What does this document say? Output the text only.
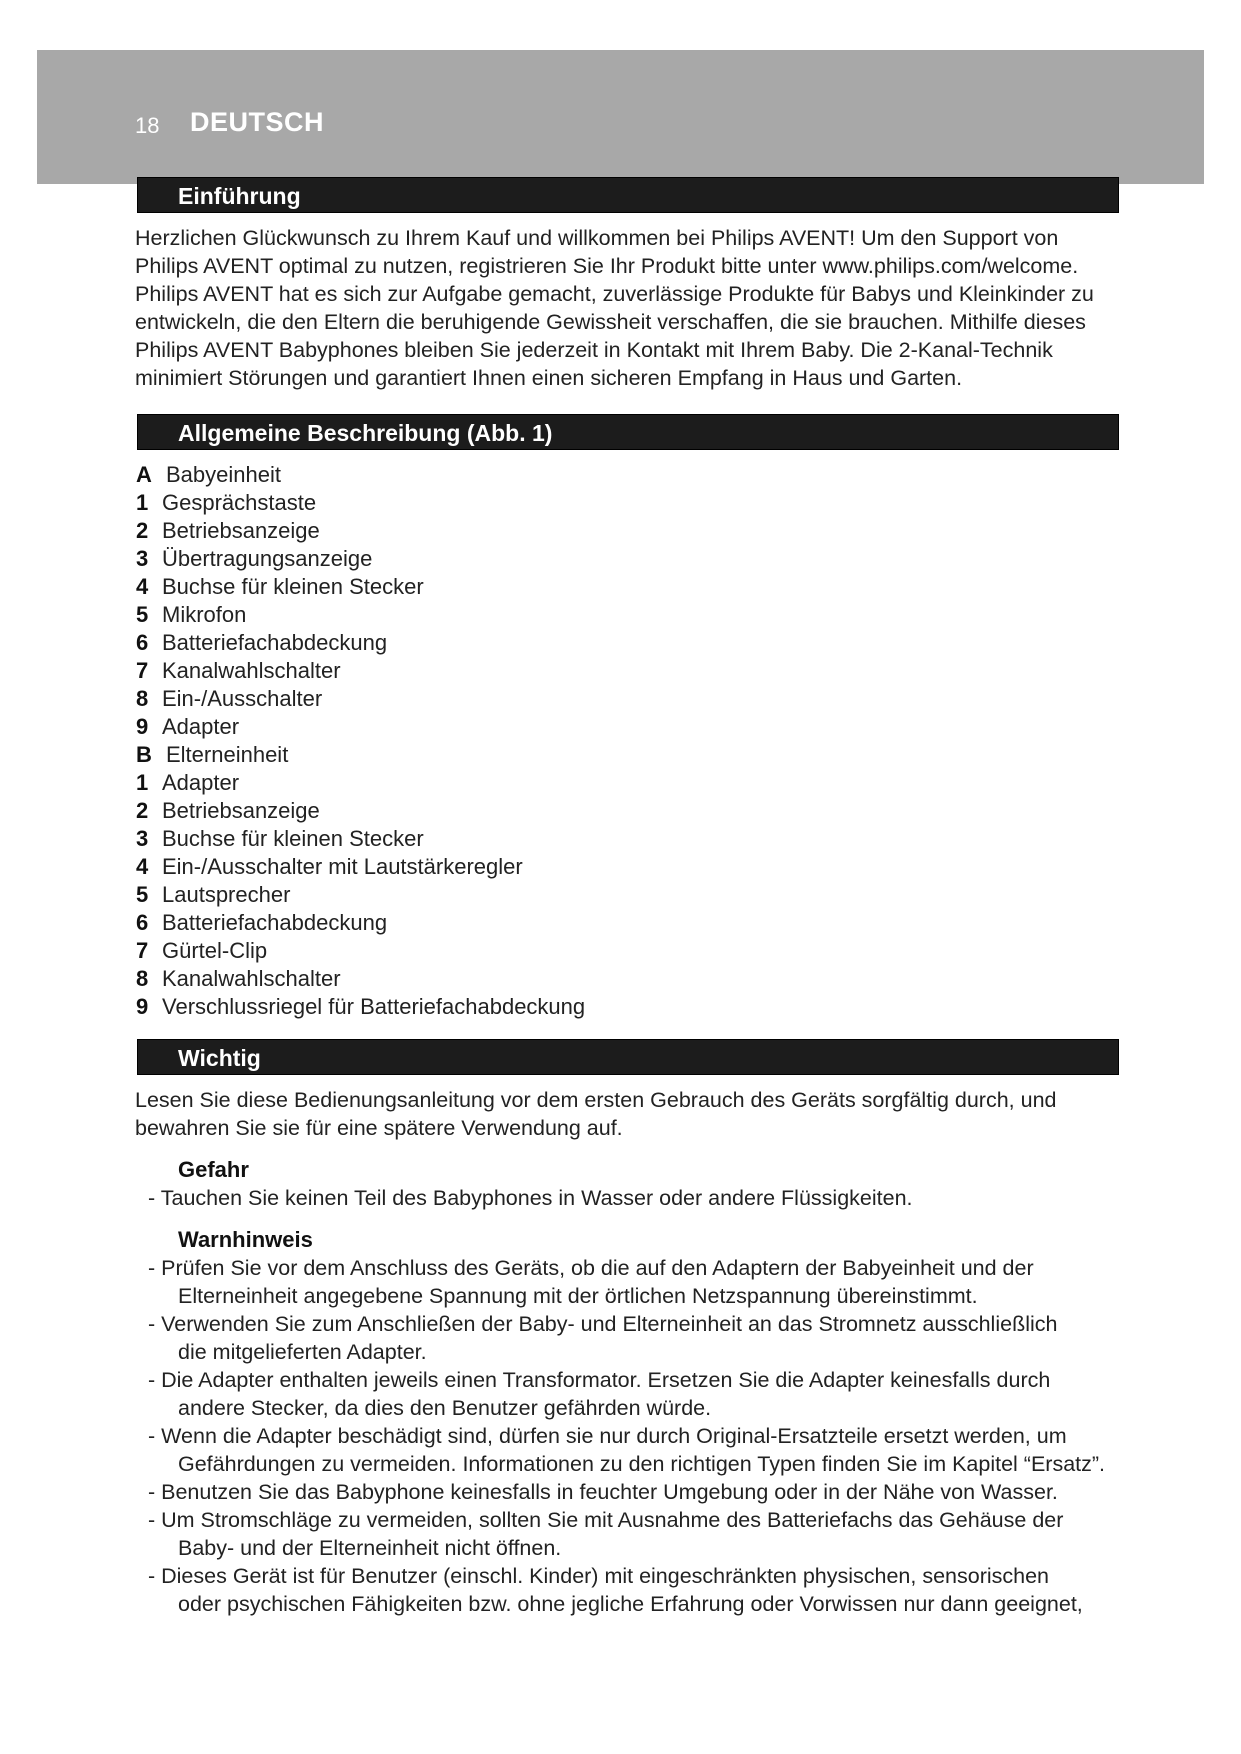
18 DEUTSCH
Einführung
Herzlichen Glückwunsch zu Ihrem Kauf und willkommen bei Philips AVENT! Um den Support von
Philips AVENT optimal zu nutzen, registrieren Sie Ihr Produkt bitte unter www.philips.com/welcome.
Philips AVENT hat es sich zur Aufgabe gemacht, zuverlässige Produkte für Babys und Kleinkinder zu
entwickeln, die den Eltern die beruhigende Gewissheit verschaffen, die sie brauchen. Mithilfe dieses
Philips AVENT Babyphones bleiben Sie jederzeit in Kontakt mit Ihrem Baby. Die 2-Kanal-Technik
minimiert Störungen und garantiert Ihnen einen sicheren Empfang in Haus und Garten.
Allgemeine Beschreibung (Abb. 1)
A Babyeinheit
1 Gesprächstaste
2 Betriebsanzeige
3 Übertragungsanzeige
4 Buchse für kleinen Stecker
5 Mikrofon
6 Batteriefachabdeckung
7 Kanalwahlschalter
8 Ein-/Ausschalter
9 Adapter
B Elterneinheit
1 Adapter
2 Betriebsanzeige
3 Buchse für kleinen Stecker
4 Ein-/Ausschalter mit Lautstärkeregler
5 Lautsprecher
6 Batteriefachabdeckung
7 Gürtel-Clip
8 Kanalwahlschalter
9 Verschlussriegel für Batteriefachabdeckung
Wichtig
Lesen Sie diese Bedienungsanleitung vor dem ersten Gebrauch des Geräts sorgfältig durch, und
bewahren Sie sie für eine spätere Verwendung auf.
Gefahr
- Tauchen Sie keinen Teil des Babyphones in Wasser oder andere Flüssigkeiten.
Warnhinweis
- Prüfen Sie vor dem Anschluss des Geräts, ob die auf den Adaptern der Babyeinheit und der
Elterneinheit angegebene Spannung mit der örtlichen Netzspannung übereinstimmt.
- Verwenden Sie zum Anschließen der Baby- und Elterneinheit an das Stromnetz ausschließlich
die mitgelieferten Adapter.
- Die Adapter enthalten jeweils einen Transformator. Ersetzen Sie die Adapter keinesfalls durch
andere Stecker, da dies den Benutzer gefährden würde.
- Wenn die Adapter beschädigt sind, dürfen sie nur durch Original-Ersatzteile ersetzt werden, um
Gefährdungen zu vermeiden. Informationen zu den richtigen Typen finden Sie im Kapitel “Ersatz”.
- Benutzen Sie das Babyphone keinesfalls in feuchter Umgebung oder in der Nähe von Wasser.
- Um Stromschläge zu vermeiden, sollten Sie mit Ausnahme des Batteriefachs das Gehäuse der
Baby- und der Elterneinheit nicht öffnen.
- Dieses Gerät ist für Benutzer (einschl. Kinder) mit eingeschränkten physischen, sensorischen
oder psychischen Fähigkeiten bzw. ohne jegliche Erfahrung oder Vorwissen nur dann geeignet,
